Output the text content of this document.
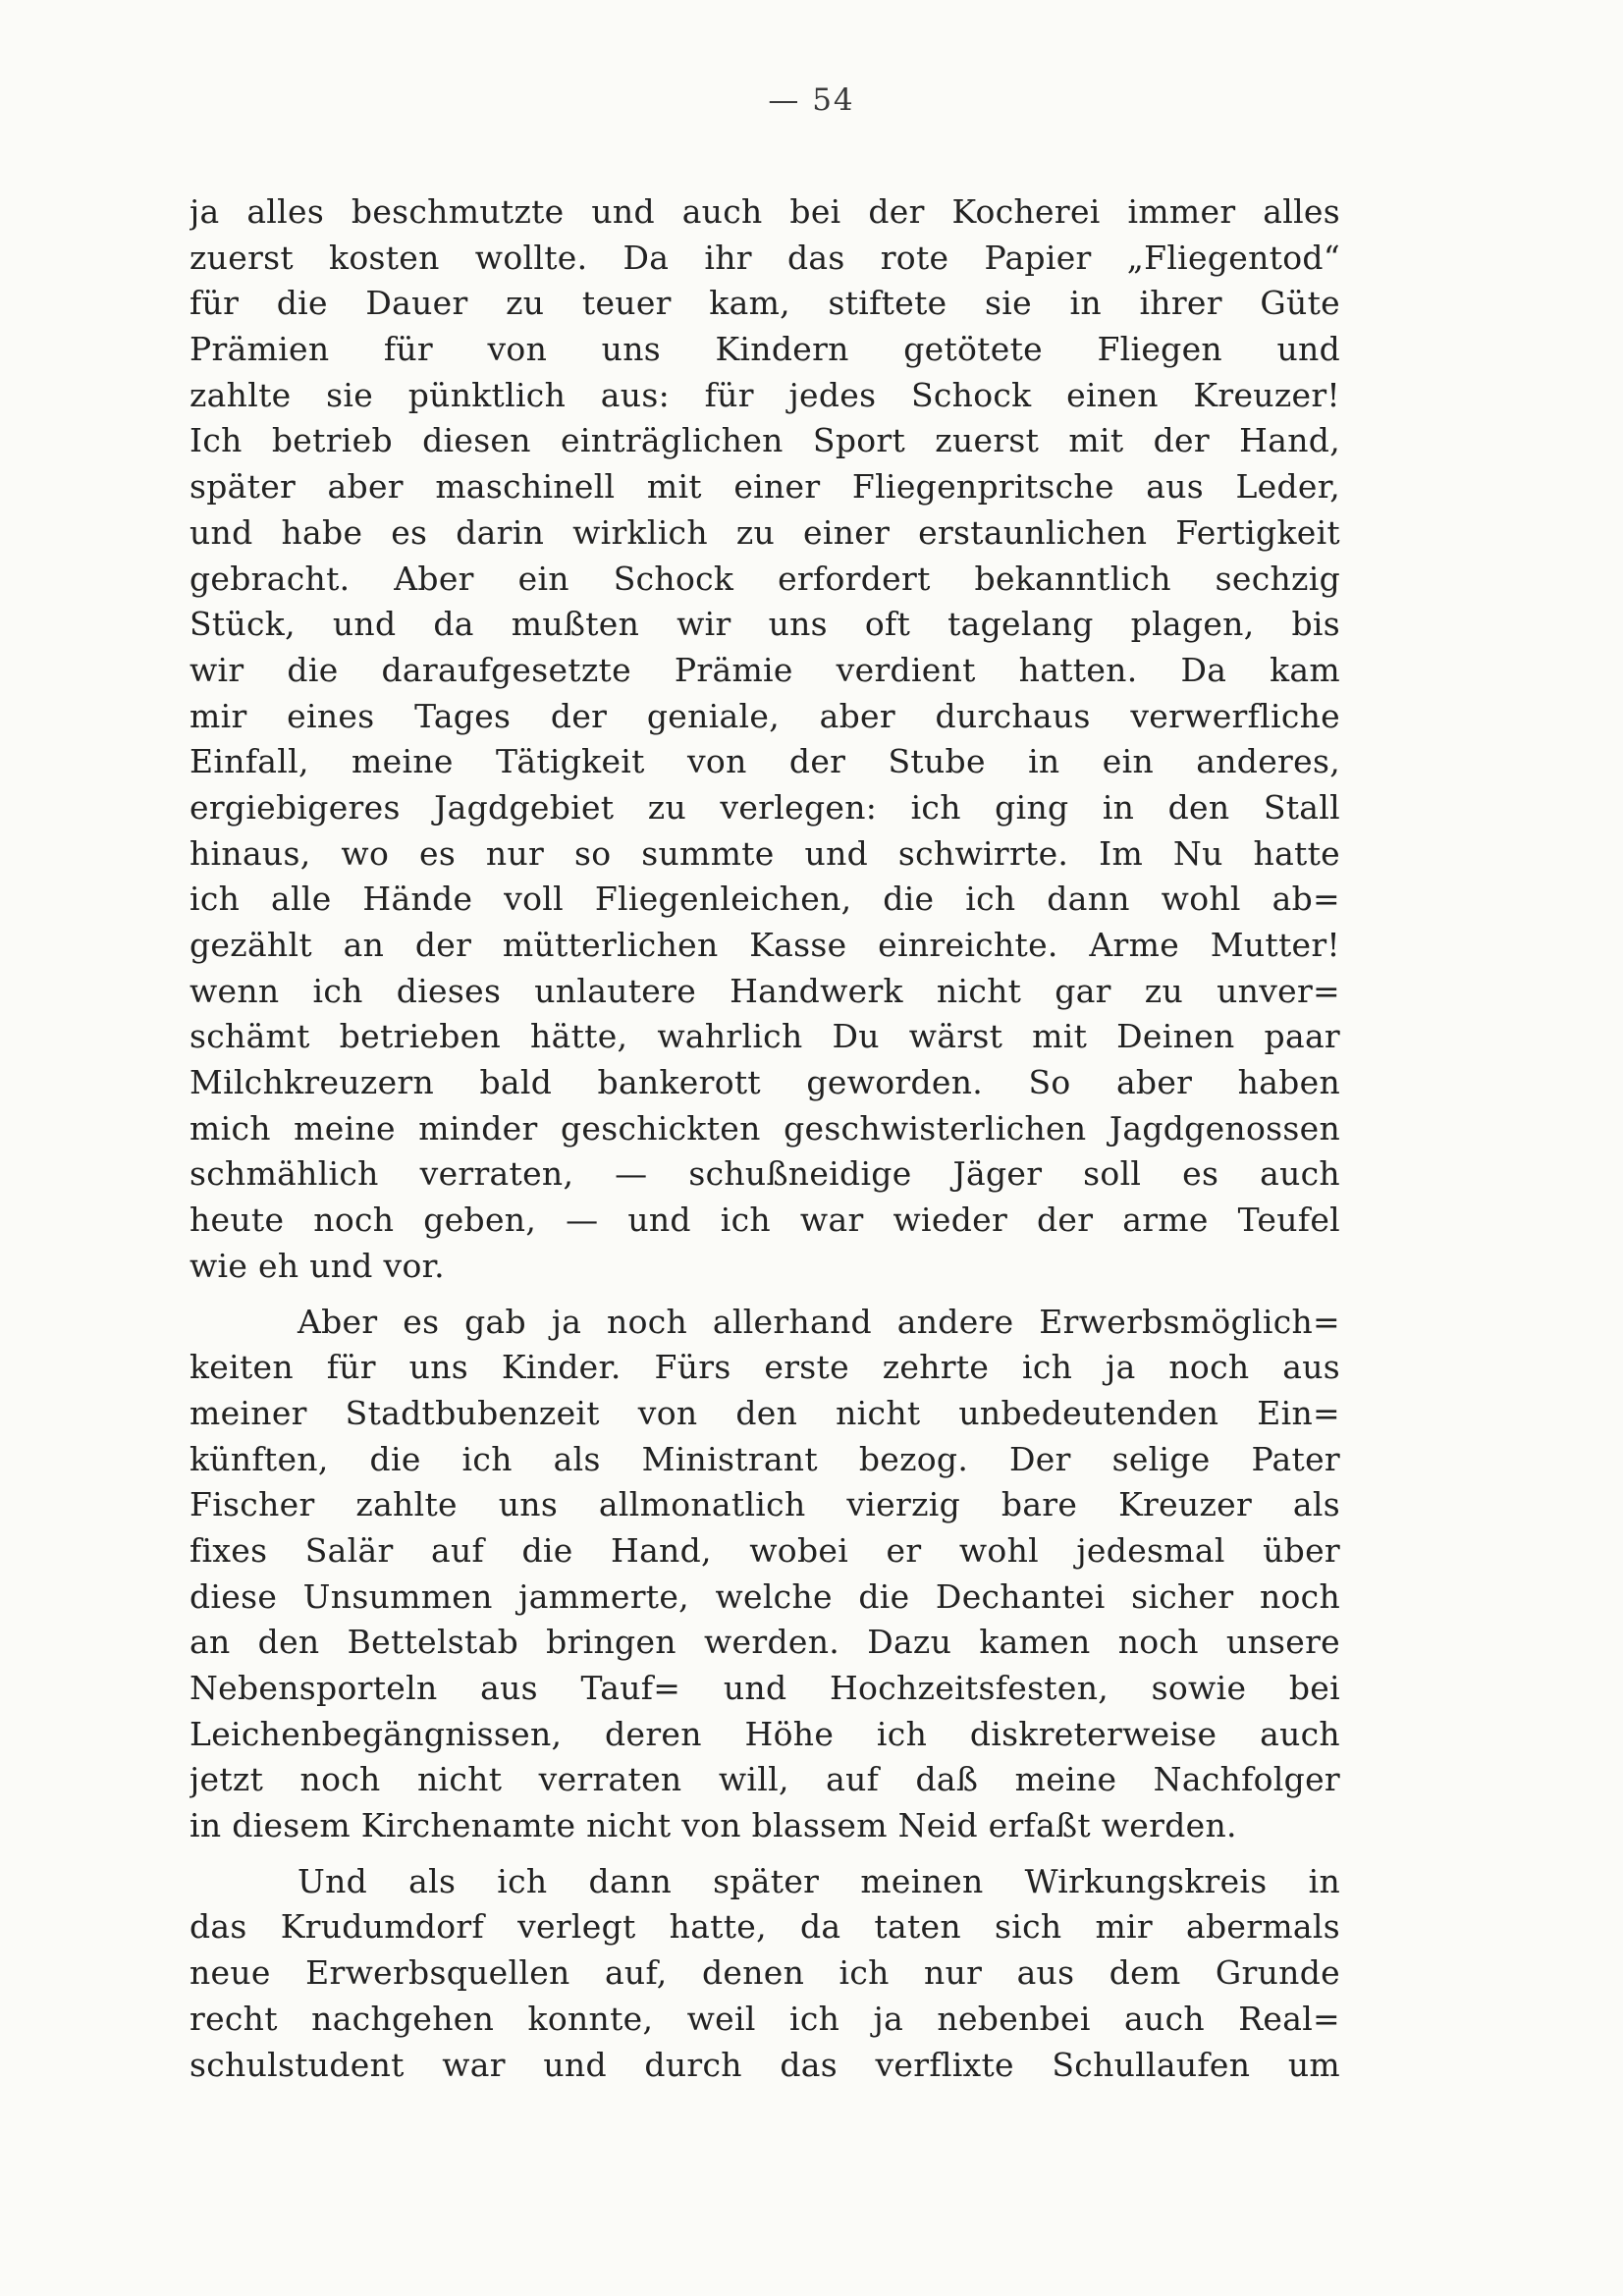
— 54
ja alles beschmutzte und auch bei der Kocherei immer alles
zuerst kosten wollte. Da ihr das rote Papier „Fliegentod“
für die Dauer zu teuer kam, stiftete sie in ihrer Güte
Prämien für von uns Kindern getötete Fliegen und
zahlte sie pünktlich aus: für jedes Schock einen Kreuzer!
Ich betrieb diesen einträglichen Sport zuerst mit der Hand,
später aber maschinell mit einer Fliegenpritsche aus Leder,
und habe es darin wirklich zu einer erstaunlichen Fertigkeit
gebracht. Aber ein Schock erfordert bekanntlich sechzig
Stück, und da mußten wir uns oft tagelang plagen, bis
wir die daraufgesetzte Prämie verdient hatten. Da kam
mir eines Tages der geniale, aber durchaus verwerfliche
Einfall, meine Tätigkeit von der Stube in ein anderes,
ergiebigeres Jagdgebiet zu verlegen: ich ging in den Stall
hinaus, wo es nur so summte und schwirrte. Im Nu hatte
ich alle Hände voll Fliegenleichen, die ich dann wohl ab=
gezählt an der mütterlichen Kasse einreichte. Arme Mutter!
wenn ich dieses unlautere Handwerk nicht gar zu unver=
schämt betrieben hätte, wahrlich Du wärst mit Deinen paar
Milchkreuzern bald bankerott geworden. So aber haben
mich meine minder geschickten geschwisterlichen Jagdgenossen
schmählich verraten, — schußneidige Jäger soll es auch
heute noch geben, — und ich war wieder der arme Teufel
wie eh und vor.
Aber es gab ja noch allerhand andere Erwerbsmöglich=
keiten für uns Kinder. Fürs erste zehrte ich ja noch aus
meiner Stadtbubenzeit von den nicht unbedeutenden Ein=
künften, die ich als Ministrant bezog. Der selige Pater
Fischer zahlte uns allmonatlich vierzig bare Kreuzer als
fixes Salär auf die Hand, wobei er wohl jedesmal über
diese Unsummen jammerte, welche die Dechantei sicher noch
an den Bettelstab bringen werden. Dazu kamen noch unsere
Nebensporteln aus Tauf= und Hochzeitsfesten, sowie bei
Leichenbegängnissen, deren Höhe ich diskreterweise auch
jetzt noch nicht verraten will, auf daß meine Nachfolger
in diesem Kirchenamte nicht von blassem Neid erfaßt werden.
Und als ich dann später meinen Wirkungskreis in
das Krudumdorf verlegt hatte, da taten sich mir abermals
neue Erwerbsquellen auf, denen ich nur aus dem Grunde
recht nachgehen konnte, weil ich ja nebenbei auch Real=
schulstudent war und durch das verflixte Schullaufen um
